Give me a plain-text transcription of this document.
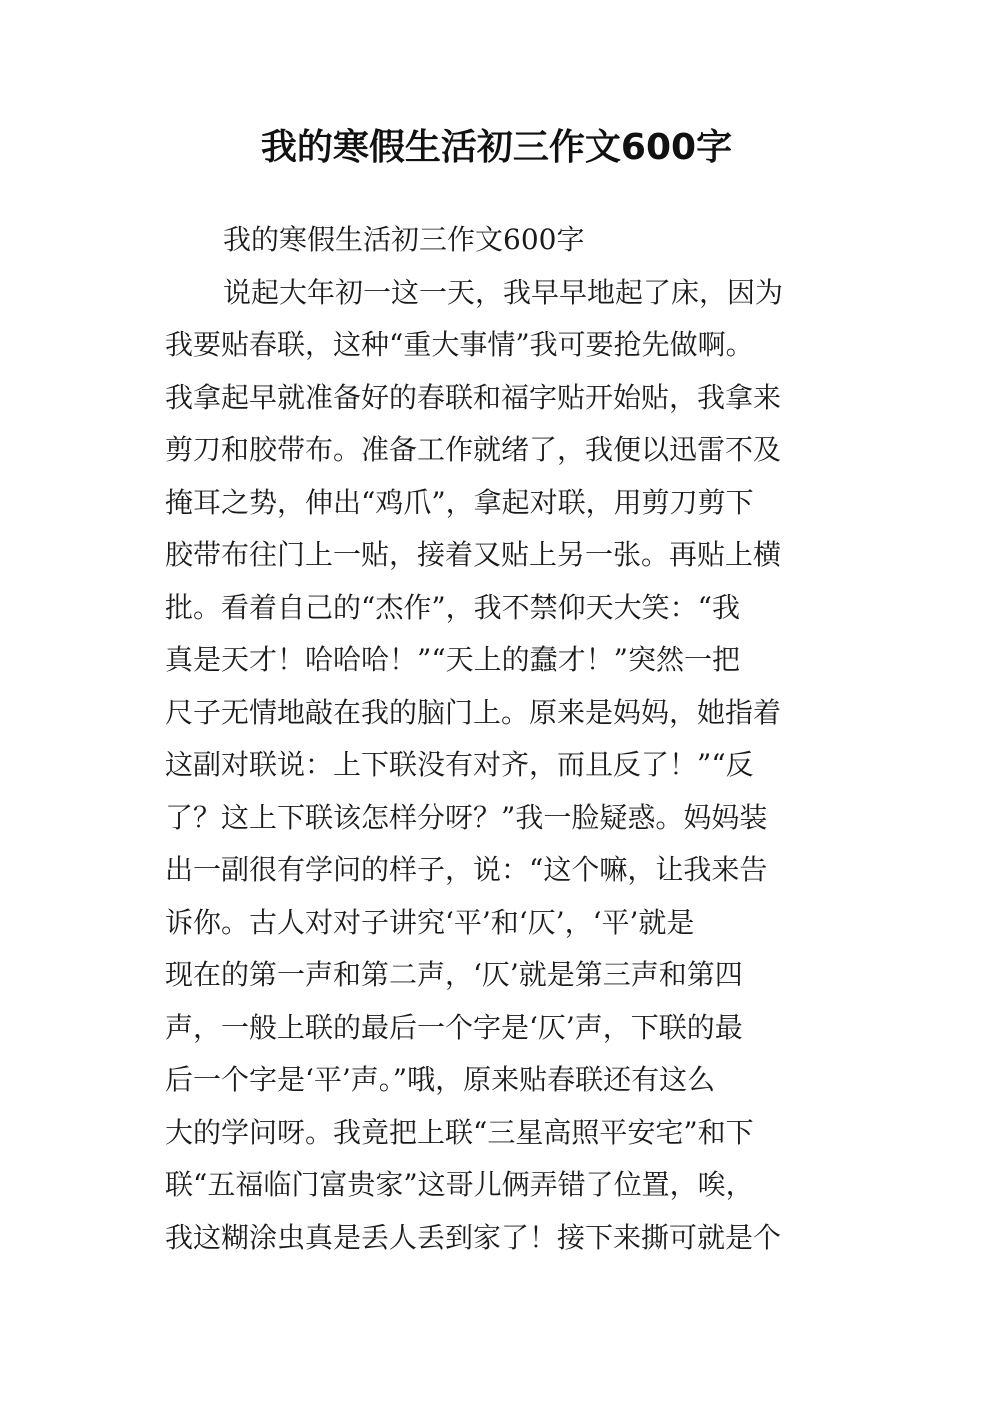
我的寒假生活初三作文600字
我的寒假生活初三作文600字
说起大年初一这一天，我早早地起了床，因为
我要贴春联，这种“重大事情”我可要抢先做啊。
我拿起早就准备好的春联和福字贴开始贴，我拿来
剪刀和胶带布。准备工作就绪了，我便以迅雷不及
掩耳之势，伸出“鸡爪”，拿起对联，用剪刀剪下
胶带布往门上一贴，接着又贴上另一张。再贴上横
批。看着自己的“杰作”，我不禁仰天大笑：“我
真是天才！哈哈哈！”“天上的蠢才！”突然一把
尺子无情地敲在我的脑门上。原来是妈妈，她指着
这副对联说：上下联没有对齐，而且反了！”“反
了？这上下联该怎样分呀？”我一脸疑惑。妈妈装
出一副很有学问的样子，说：“这个嘛，让我来告
诉你。古人对对子讲究‘平’和‘仄’，‘平’就是
现在的第一声和第二声，‘仄’就是第三声和第四
声，一般上联的最后一个字是‘仄’声，下联的最
后一个字是‘平’声。”哦，原来贴春联还有这么
大的学问呀。我竟把上联“三星高照平安宅”和下
联“五福临门富贵家”这哥儿俩弄错了位置，唉，
我这糊涂虫真是丢人丢到家了！接下来撕可就是个
